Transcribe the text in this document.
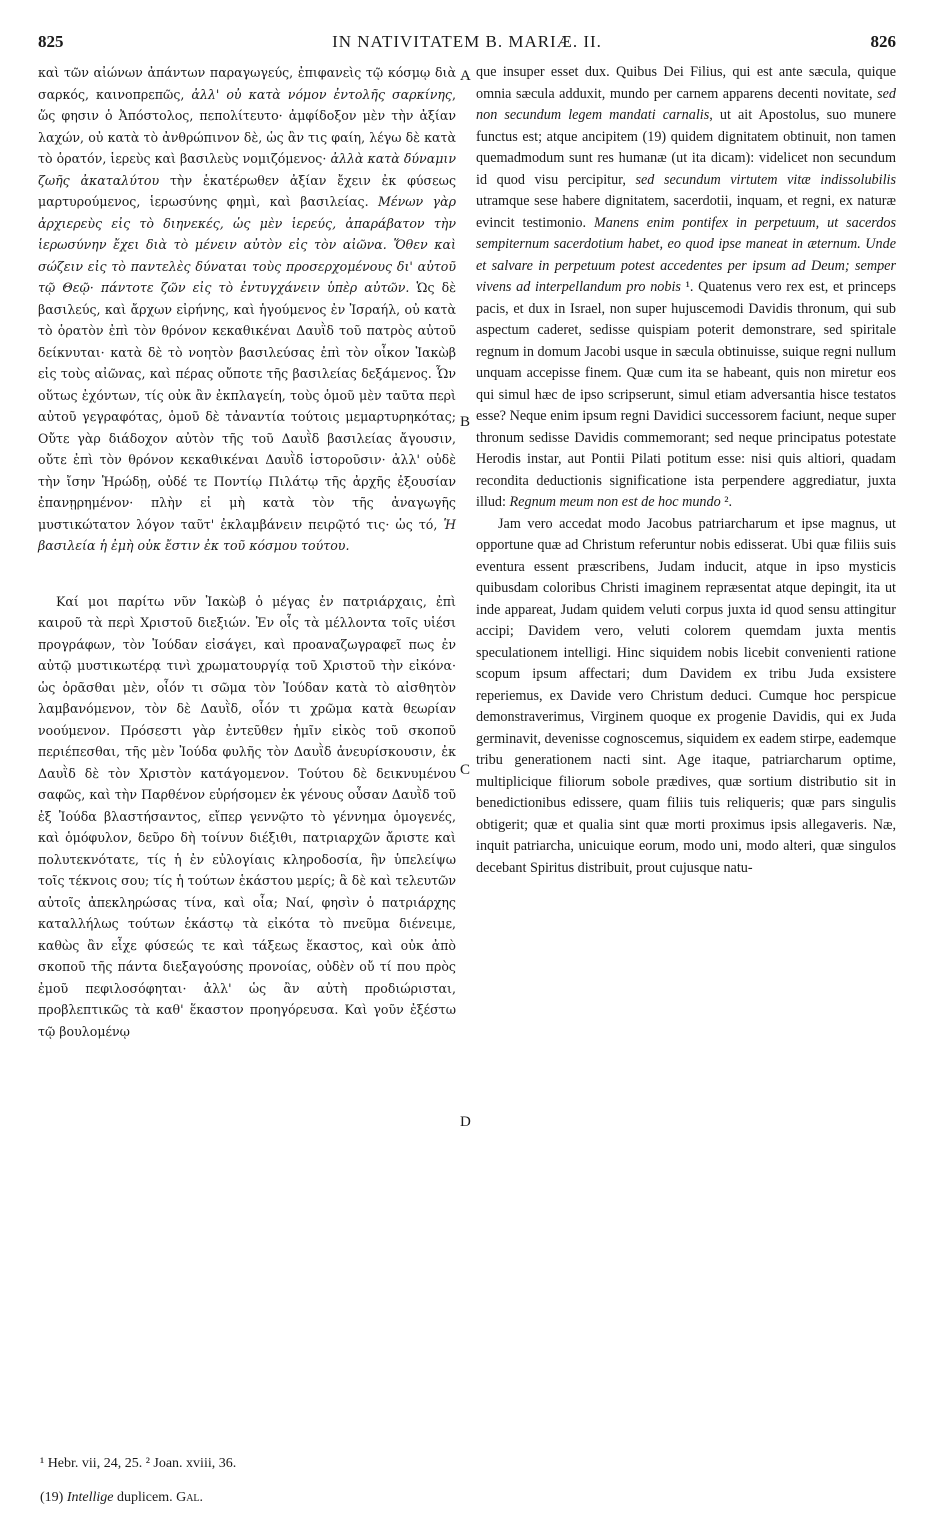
825	IN NATIVITATEM B. MARIÆ. II.	826

καὶ τῶν αἰώνων ἀπάντων παραγωγεύς, ἐπιφανεὶς τῷ κόσμῳ διὰ σαρκός, καινοπρεπῶς, ἀλλ' οὐ κατὰ νόμον ἐντολῆς σαρκίνης, ὥς φησιν ὁ Ἀπόστολος, πεπολίτευτο· ἀμφίδοξον μὲν τὴν ἀξίαν λαχών, οὐ κατὰ τὸ ἀνθρώπινον δὲ, ὡς ἂν τις φαίη, λέγω δὲ κατὰ τὸ ὁρατόν, ἱερεὺς καὶ βασιλεὺς νομιζόμενος· ἀλλὰ κατὰ δύναμιν ζωῆς ἀκαταλύτου τὴν ἑκατέρωθεν ἀξίαν ἔχειν ἐκ φύσεως μαρτυρούμενος, ἱερωσύνης φημὶ, καὶ βασιλείας. Μένων γὰρ ἀρχιερεὺς εἰς τὸ διηνεκές, ὡς μὲν ἱερεύς, ἀπαράβατον τὴν ἱερωσύνην ἔχει διὰ τὸ μένειν αὐτὸν εἰς τὸν αἰῶνα. Ὅθεν καὶ σώζειν εἰς τὸ παντελὲς δύναται τοὺς προσερχομένους δι' αὐτοῦ τῷ Θεῷ· πάντοτε ζῶν εἰς τὸ ἐντυγχάνειν ὑπὲρ αὐτῶν. Ὡς δὲ βασιλεύς, καὶ ἄρχων εἰρήνης, καὶ ἡγούμενος ἐν Ἰσραήλ, οὐ κατὰ τὸ ὁρατὸν ἐπὶ τὸν θρόνον κεκαθικέναι Δαυῒδ τοῦ πατρὸς αὐτοῦ δείκνυται· κατὰ δὲ τὸ νοητὸν βασιλεύσας ἐπὶ τὸν οἶκον Ἰακὼβ εἰς τοὺς αἰῶνας, καὶ πέρας οὔποτε τῆς βασιλείας δεξάμενος. Ὧν οὕτως ἐχόντων, τίς οὐκ ἂν ἐκπλαγείη, τοὺς ὁμοῦ μὲν ταῦτα περὶ αὐτοῦ γεγραφότας, ὁμοῦ δὲ τἀναντία τούτοις μεμαρτυρηκότας; Οὔτε γὰρ διάδοχον αὐτὸν τῆς τοῦ Δαυῒδ βασιλείας ἄγουσιν, οὔτε ἐπὶ τὸν θρόνον κεκαθικέναι Δαυῒδ ἱστοροῦσιν· ἀλλ' οὐδὲ τὴν ἴσην Ἡρώδῃ, οὐδέ τε Ποντίῳ Πιλάτῳ τῆς ἀρχῆς ἐξουσίαν ἐπανῃρημένον· πλὴν εἰ μὴ κατὰ τὸν τῆς ἀναγωγῆς μυστικώτατον λόγον ταῦτ' ἐκλαμβάνειν πειρῷτό τις· ὡς τό, Ἡ βασιλεία ἡ ἐμὴ οὐκ ἔστιν ἐκ τοῦ κόσμου τούτου.

Καί μοι παρίτω νῦν Ἰακὼβ ὁ μέγας ἐν πατριάρχαις, ἐπὶ καιροῦ τὰ περὶ Χριστοῦ διεξιών. Ἐν οἷς τὰ μέλλοντα τοῖς υἱέσι προγράφων, τὸν Ἰούδαν εἰσάγει, καὶ προαναζωγραφεῖ πως ἐν αὐτῷ μυστικωτέρᾳ τινὶ χρωματουργίᾳ τοῦ Χριστοῦ τὴν εἰκόνα· ὡς ὁρᾶσθαι μὲν, οἷόν τι σῶμα τὸν Ἰούδαν κατὰ τὸ αἰσθητὸν λαμβανόμενον, τὸν δὲ Δαυῒδ, οἷόν τι χρῶμα κατὰ θεωρίαν νοούμενον. Πρόσεστι γὰρ ἐντεῦθεν ἡμῖν εἰκὸς τοῦ σκοποῦ περιέπεσθαι, τῆς μὲν Ἰούδα φυλῆς τὸν Δαυῒδ ἀνευρίσκουσιν, ἐκ Δαυῒδ δὲ τὸν Χριστὸν κατάγομενον. Τούτου δὲ δεικνυμένου σαφῶς, καὶ τὴν Παρθένον εὑρήσομεν ἐκ γένους οὖσαν Δαυῒδ τοῦ ἐξ Ἰούδα βλαστήσαντος, εἴπερ γεννῷτο τὸ γέννημα ὁμογενές, καὶ ὁμόφυλον, δεῦρο δὴ τοίνυν διέξιθι, πατριαρχῶν ἄριστε καὶ πολυτεκνότατε, τίς ἡ ἐν εὐλογίαις κληροδοσία, ἣν ὑπελείψω τοῖς τέκνοις σου; τίς ἡ τούτων ἑκάστου μερίς; ἃ δὲ καὶ τελευτῶν αὐτοῖς ἀπεκληρώσας τίνα, καὶ οἷα; Ναί, φησὶν ὁ πατριάρχης καταλλήλως τούτων ἑκάστῳ τὰ εἰκότα τὸ πνεῦμα διένειμε, καθὼς ἂν εἶχε φύσεώς τε καὶ τάξεως ἕκαστος, καὶ οὐκ ἀπὸ σκοποῦ τῆς πάντα διεξαγούσης προνοίας, οὐδὲν οὔ τί που πρὸς ἐμοῦ πεφιλοσόφηται· ἀλλ' ὡς ἂν αὐτὴ προδιώρισται, προβλεπτικῶς τὰ καθ' ἕκαστον προηγόρευσα. Καὶ γοῦν ἐξέστω τῷ βουλομένῳ

A
B
C
D

que insuper esset dux. Quibus Dei Filius, qui est ante sæcula, quique omnia sæcula adduxit, mundo per carnem apparens decenti novitate, sed non secundum legem mandati carnalis, ut ait Apostolus, suo munere functus est; atque ancipitem (19) quidem dignitatem obtinuit, non tamen quemadmodum sunt res humanæ (ut ita dicam): videlicet non secundum id quod visu percipitur, sed secundum virtutem vitæ indissolubilis utramque sese habere dignitatem, sacerdotii, inquam, et regni, ex naturæ evincit testimonio. Manens enim pontifex in perpetuum, ut sacerdos sempiternum sacerdotium habet, eo quod ipse maneat in æternum. Unde et salvare in perpetuum potest accedentes per ipsum ad Deum; semper vivens ad interpellandum pro nobis ¹. Quatenus vero rex est, et princeps pacis, et dux in Israel, non super hujuscemodi Davidis thronum, qui sub aspectum caderet, sedisse quispiam poterit demonstrare, sed spiritale regnum in domum Jacobi usque in sæcula obtinuisse, suique regni nullum unquam accepisse finem. Quæ cum ita se habeant, quis non miretur eos qui simul hæc de ipso scripserunt, simul etiam adversantia hisce testatos esse? Neque enim ipsum regni Davidici successorem faciunt, neque super thronum sedisse Davidis commemorant; sed neque principatus potestate Herodis instar, aut Pontii Pilati potitum esse: nisi quis altiori, quadam recondita deductionis significatione ista perpendere aggrediatur, juxta illud: Regnum meum non est de hoc mundo ².

Jam vero accedat modo Jacobus patriarcharum et ipse magnus, ut opportune quæ ad Christum referuntur nobis edisserat. Ubi quæ filiis suis eventura essent præscribens, Judam inducit, atque in ipso mysticis quibusdam coloribus Christi imaginem repræsentat atque depingit, ita ut inde appareat, Judam quidem veluti corpus juxta id quod sensu attingitur accipi; Davidem vero, veluti colorem quemdam juxta mentis speculationem intelligi. Hinc siquidem nobis licebit convenienti ratione scopum ipsum affectari; dum Davidem ex tribu Juda exsistere reperiemus, ex Davide vero Christum deduci. Cumque hoc perspicue demonstraverimus, Virginem quoque ex progenie Davidis, qui ex Juda germinavit, devenisse cognoscemus, siquidem ex eadem stirpe, eademque tribu generationem nacti sint. Age itaque, patriarcharum optime, multiplicique filiorum sobole prædives, quæ sortium distributio sit in benedictionibus edissere, quam filiis tuis reliqueris; quæ pars singulis obtigerit; quæ et qualia sint quæ morti proximus ipsis allegaveris. Næ, inquit patriarcha, unicuique eorum, modo uni, modo alteri, quæ singulos decebant Spiritus distribuit, prout cujusque natu-

¹ Hebr. vii, 24, 25. ² Joan. xviii, 36.
(19) Intellige duplicem. Gal.
